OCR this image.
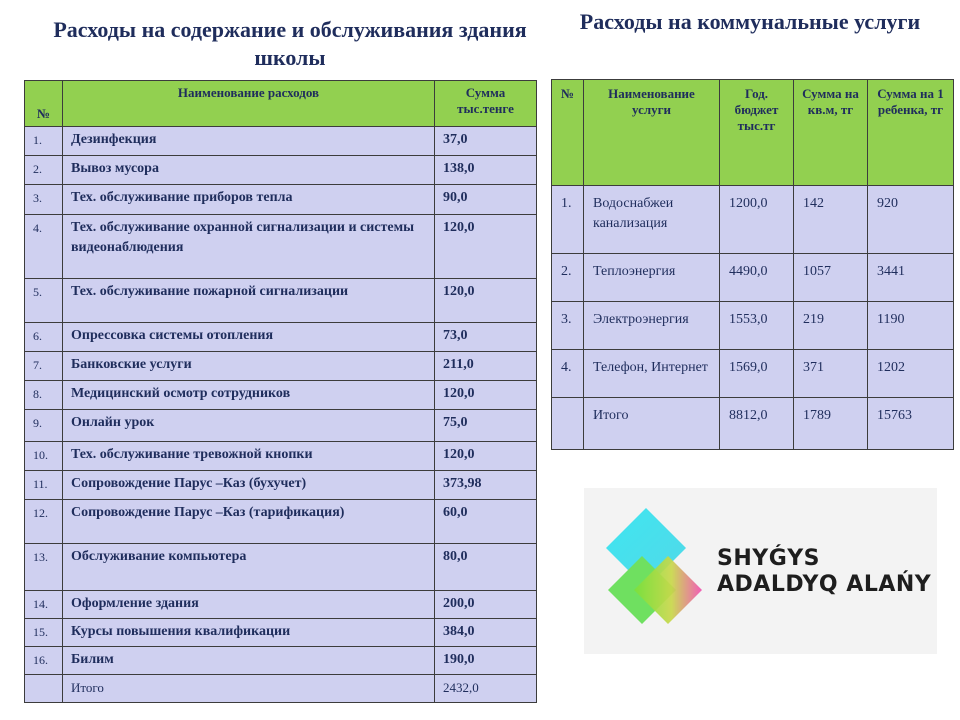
Расходы на содержание и обслуживания здания школы
Расходы на коммунальные услуги
№	Наименование расходов	Сумма тыс.тенге
1.	Дезинфекция	37,0
2.	Вывоз мусора	138,0
3.	Тех. обслуживание приборов тепла	90,0
4.	Тех. обслуживание охранной сигнализации и системы видеонаблюдения	120,0
5.	Тех. обслуживание пожарной сигнализации	120,0
6.	Опрессовка системы отопления	73,0
7.	Банковские услуги	211,0
8.	Медицинский осмотр сотрудников	120,0
9.	Онлайн урок	75,0
10.	Тех. обслуживание тревожной кнопки	120,0
11.	Сопровождение Парус –Каз (бухучет)	373,98
12.	Сопровождение Парус –Каз (тарификация)	60,0
13.	Обслуживание компьютера	80,0
14.	Оформление здания	200,0
15.	Курсы повышения квалификации	384,0
16.	Билим	190,0
	Итого	2432,0
№	Наименование услуги	Год. бюджет тыс.тг	Сумма на кв.м, тг	Сумма на 1 ребенка, тг
1.	Водоснабжеи канализация	1200,0	142	920
2.	Теплоэнергия	4490,0	1057	3441
3.	Электроэнергия	1553,0	219	1190
4.	Телефон, Интернет	1569,0	371	1202
	Итого	8812,0	1789	15763
SHYǴYS
ADALDYQ ALAŃY
